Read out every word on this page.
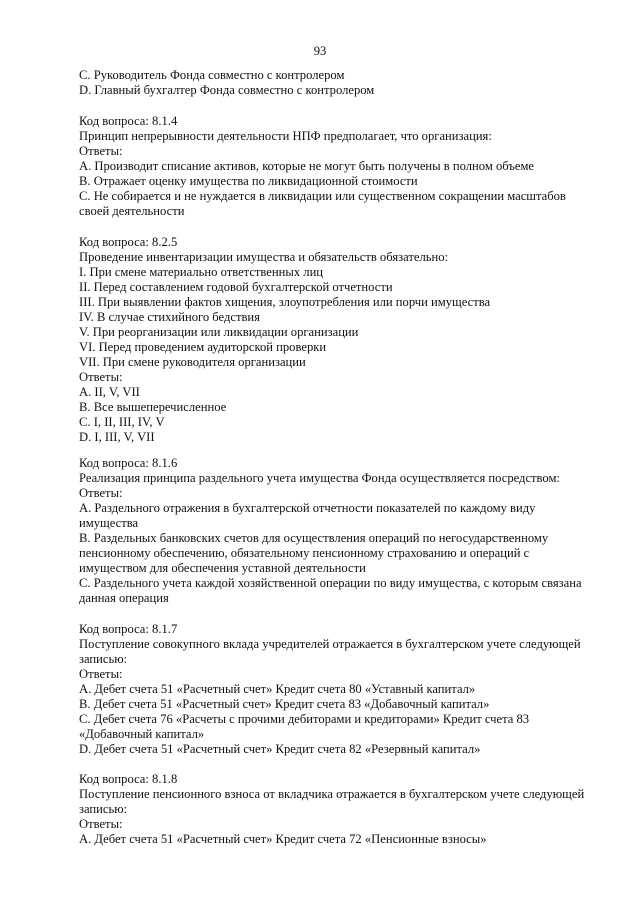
93
C. Руководитель Фонда совместно с контролером
D. Главный бухгалтер Фонда совместно с контролером
Код вопроса: 8.1.4
Принцип непрерывности деятельности НПФ предполагает, что организация:
Ответы:
A. Производит списание активов, которые не могут быть получены в полном объеме
B. Отражает оценку имущества по ликвидационной стоимости
C. Не собирается и не нуждается в ликвидации или существенном сокращении масштабов своей деятельности
Код вопроса: 8.2.5
Проведение инвентаризации имущества и обязательств обязательно:
I. При смене материально ответственных лиц
II. Перед составлением годовой бухгалтерской отчетности
III. При выявлении фактов хищения, злоупотребления или порчи имущества
IV. В случае стихийного бедствия
V. При реорганизации или ликвидации организации
VI. Перед проведением аудиторской проверки
VII. При смене руководителя организации
Ответы:
A. II, V, VII
B. Все вышеперечисленное
C. I, II, III, IV, V
D. I, III, V, VII
Код вопроса: 8.1.6
Реализация принципа раздельного учета имущества Фонда осуществляется посредством:
Ответы:
A. Раздельного отражения в бухгалтерской отчетности показателей по каждому виду имущества
B. Раздельных банковских счетов для осуществления операций по негосударственному пенсионному обеспечению, обязательному пенсионному страхованию и операций с имуществом для обеспечения уставной деятельности
C. Раздельного учета каждой хозяйственной операции по виду имущества, с которым связана данная операция
Код вопроса: 8.1.7
Поступление совокупного вклада учредителей отражается в бухгалтерском учете следующей записью:
Ответы:
A. Дебет счета 51 «Расчетный счет» Кредит счета 80 «Уставный капитал»
B. Дебет счета 51 «Расчетный счет» Кредит счета 83 «Добавочный капитал»
C. Дебет счета 76 «Расчеты с прочими дебиторами и кредиторами» Кредит счета 83 «Добавочный капитал»
D. Дебет счета 51 «Расчетный счет» Кредит счета 82 «Резервный капитал»
Код вопроса: 8.1.8
Поступление пенсионного взноса от вкладчика отражается в бухгалтерском учете следующей записью:
Ответы:
A. Дебет счета 51 «Расчетный счет» Кредит счета 72 «Пенсионные взносы»
